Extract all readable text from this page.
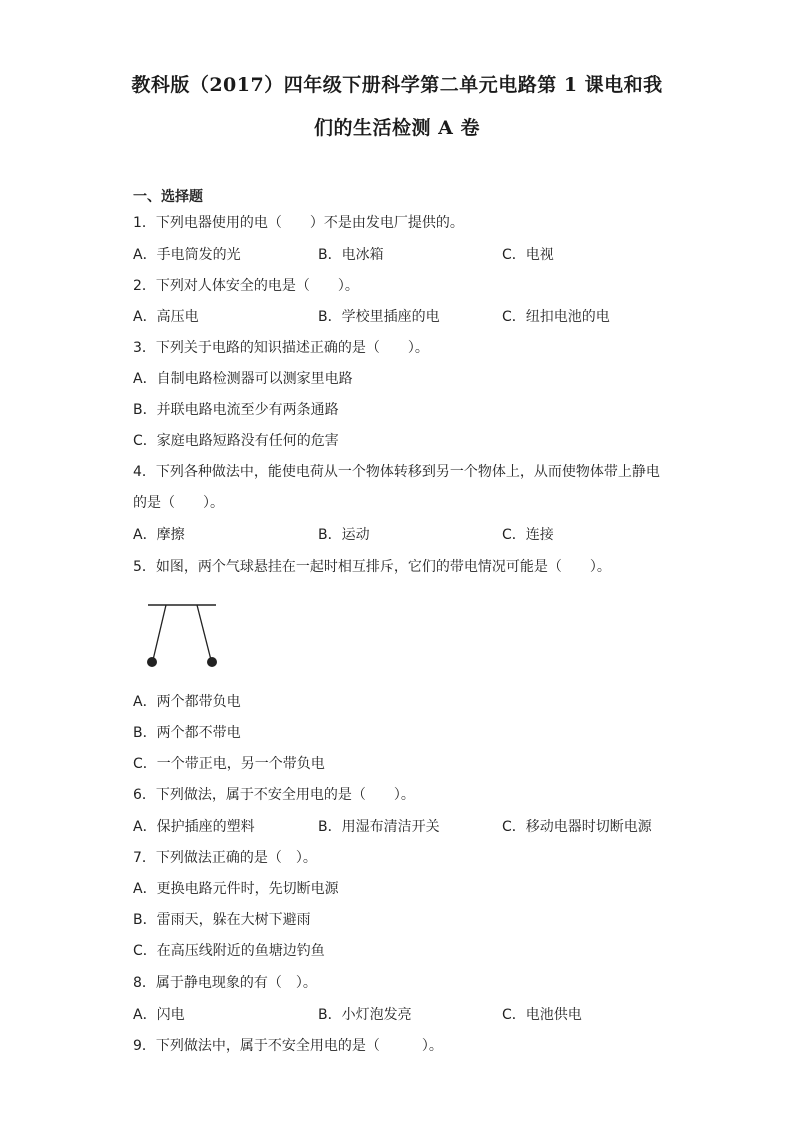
教科版（2017）四年级下册科学第二单元电路第 1 课电和我
们的生活检测 A 卷
一、选择题
1．下列电器使用的电（　　）不是由发电厂提供的。
A．手电筒发的光	B．电冰箱	C．电视
2．下列对人体安全的电是（　　）。
A．高压电	B．学校里插座的电	C．纽扣电池的电
3．下列关于电路的知识描述正确的是（　　）。
A．自制电路检测器可以测家里电路
B．并联电路电流至少有两条通路
C．家庭电路短路没有任何的危害
4．下列各种做法中，能使电荷从一个物体转移到另一个物体上，从而使物体带上静电
的是（　　）。
A．摩擦	B．运动	C．连接
5．如图，两个气球悬挂在一起时相互排斥，它们的带电情况可能是（　　）。
A．两个都带负电
B．两个都不带电
C．一个带正电，另一个带负电
6．下列做法，属于不安全用电的是（　　）。
A．保护插座的塑料	B．用湿布清洁开关	C．移动电器时切断电源
7．下列做法正确的是（　）。
A．更换电路元件时，先切断电源
B．雷雨天，躲在大树下避雨
C．在高压线附近的鱼塘边钓鱼
8．属于静电现象的有（　）。
A．闪电	B．小灯泡发亮	C．电池供电
9．下列做法中，属于不安全用电的是（　　　）。
